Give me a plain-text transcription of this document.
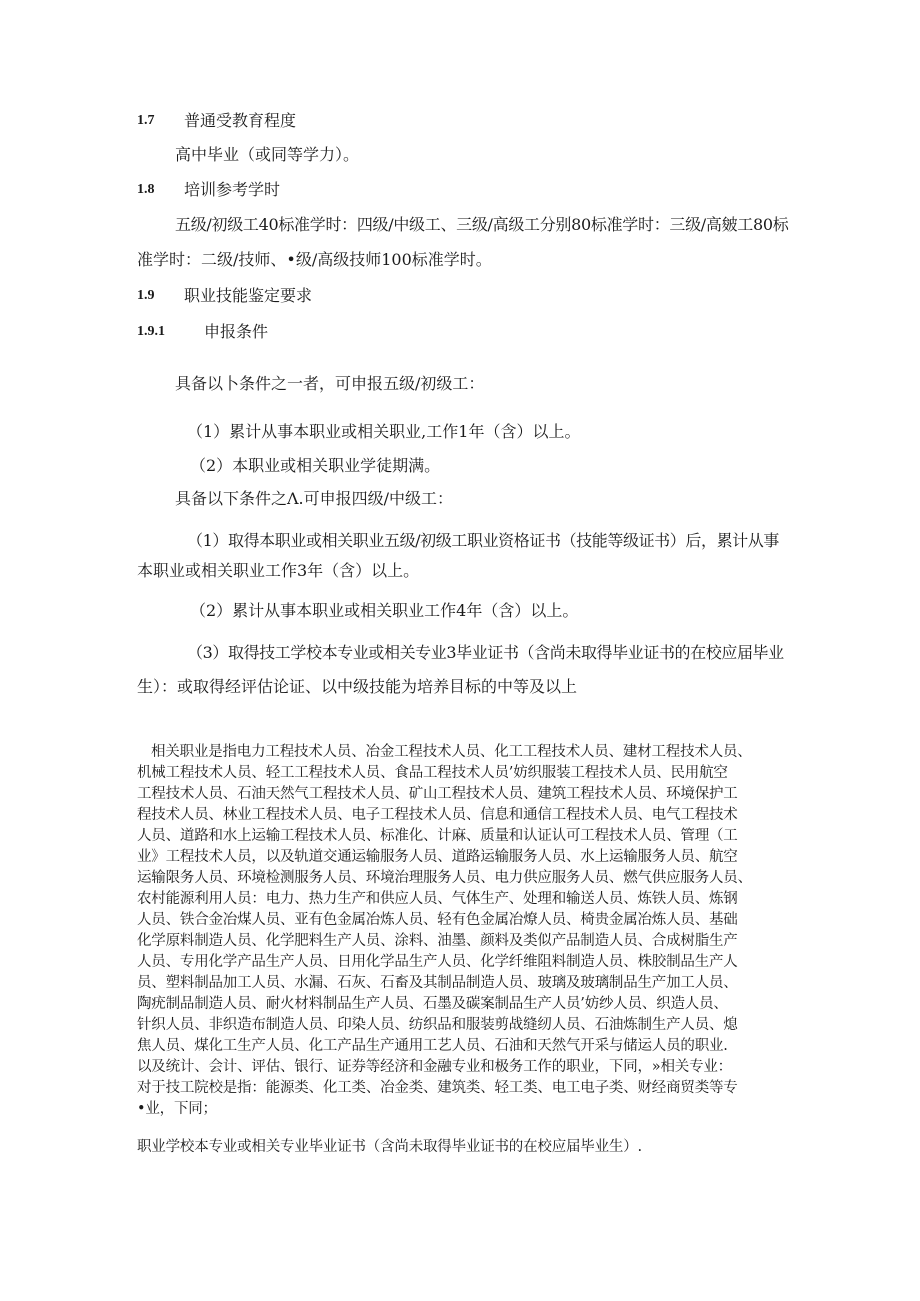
1.7 普通受教育程度
高中毕业（或同等学力）。
1.8 培训参考学时
五级/初级工40标准学时：四级/中级工、三级/高级工分别80标准学时：三级/高皴工80标
准学时：二级/技师、•级/高级技师100标准学时。
1.9 职业技能鉴定要求
1.9.1 申报条件
具备以卜条件之一者，可申报五级/初级工：
（1）累计从事本职业或相关职业,工作1年（含）以上。
（2）本职业或相关职业学徒期满。
具备以下条件之Λ.可申报四级/中级工：
（1）取得本职业或相关职业五级/初级工职业资格证书（技能等级证书）后，累计从事
本职业或相关职业工作3年（含）以上。
（2）累计从事本职业或相关职业工作4年（含）以上。
（3）取得技工学校本专业或相关专业3毕业证书（含尚未取得毕业证书的在校应届毕业
生）：或取得经评估论证、以中级技能为培养目标的中等及以上
相关职业是指电力工程技术人员、冶金工程技术人员、化工工程技术人员、建材工程技术人员、
机械工程技术人员、轻工工程技术人员、食品工程技术人员’妨织服装工程技术人员、民用航空
工程技术人员、石油天然气工程技术人员、矿山工程技术人员、建筑工程技术人员、环境保护工
程技术人员、林业工程技术人员、电子工程技术人员、信息和通信工程技术人员、电气工程技术
人员、道路和水上运输工程技术人员、标准化、计麻、质量和认证认可工程技术人员、管理（工
业》工程技术人员，以及轨道交通运输服务人员、道路运输服务人员、水上运输服务人员、航空
运输限务人员、环境检测服务人员、环境治理服务人员、电力供应服务人员、燃气供应服务人员、
农村能源利用人员：电力、热力生产和供应人员、气体生产、处理和输送人员、炼铁人员、炼钢
人员、铁合金冶煤人员、亚有色金属冶炼人员、轻有色金属冶燎人员、椅贵金属冶炼人员、基础
化学原料制造人员、化学肥料生产人员、涂料、油墨、颜料及类似产品制造人员、合成树脂生产
人员、专用化学产品生产人员、日用化学品生产人员、化学纤维阻料制造人员、株胶制品生产人
员、塑料制品加工人员、水漏、石灰、石畜及其制品制造人员、玻璃及玻璃制品生产加工人员、
陶疣制品制造人员、耐火材料制品生产人员、石墨及碳案制品生产人员’妨纱人员、织造人员、
针织人员、非织造布制造人员、印染人员、纺织品和服装剪战缝纫人员、石油炼制生产人员、熄
焦人员、煤化工生产人员、化工产品生产通用工艺人员、石油和天然气开采与储运人员的职业.
以及统计、会计、评估、银行、证券等经济和金融专业和极务工作的职业，下同，»相关专业：
对于技工院校是指：能源类、化工类、冶金类、建筑类、轻工类、电工电子类、财经商贸类等专
•业，下同；
职业学校本专业或相关专业毕业证书（含尚未取得毕业证书的在校应届毕业生）.
